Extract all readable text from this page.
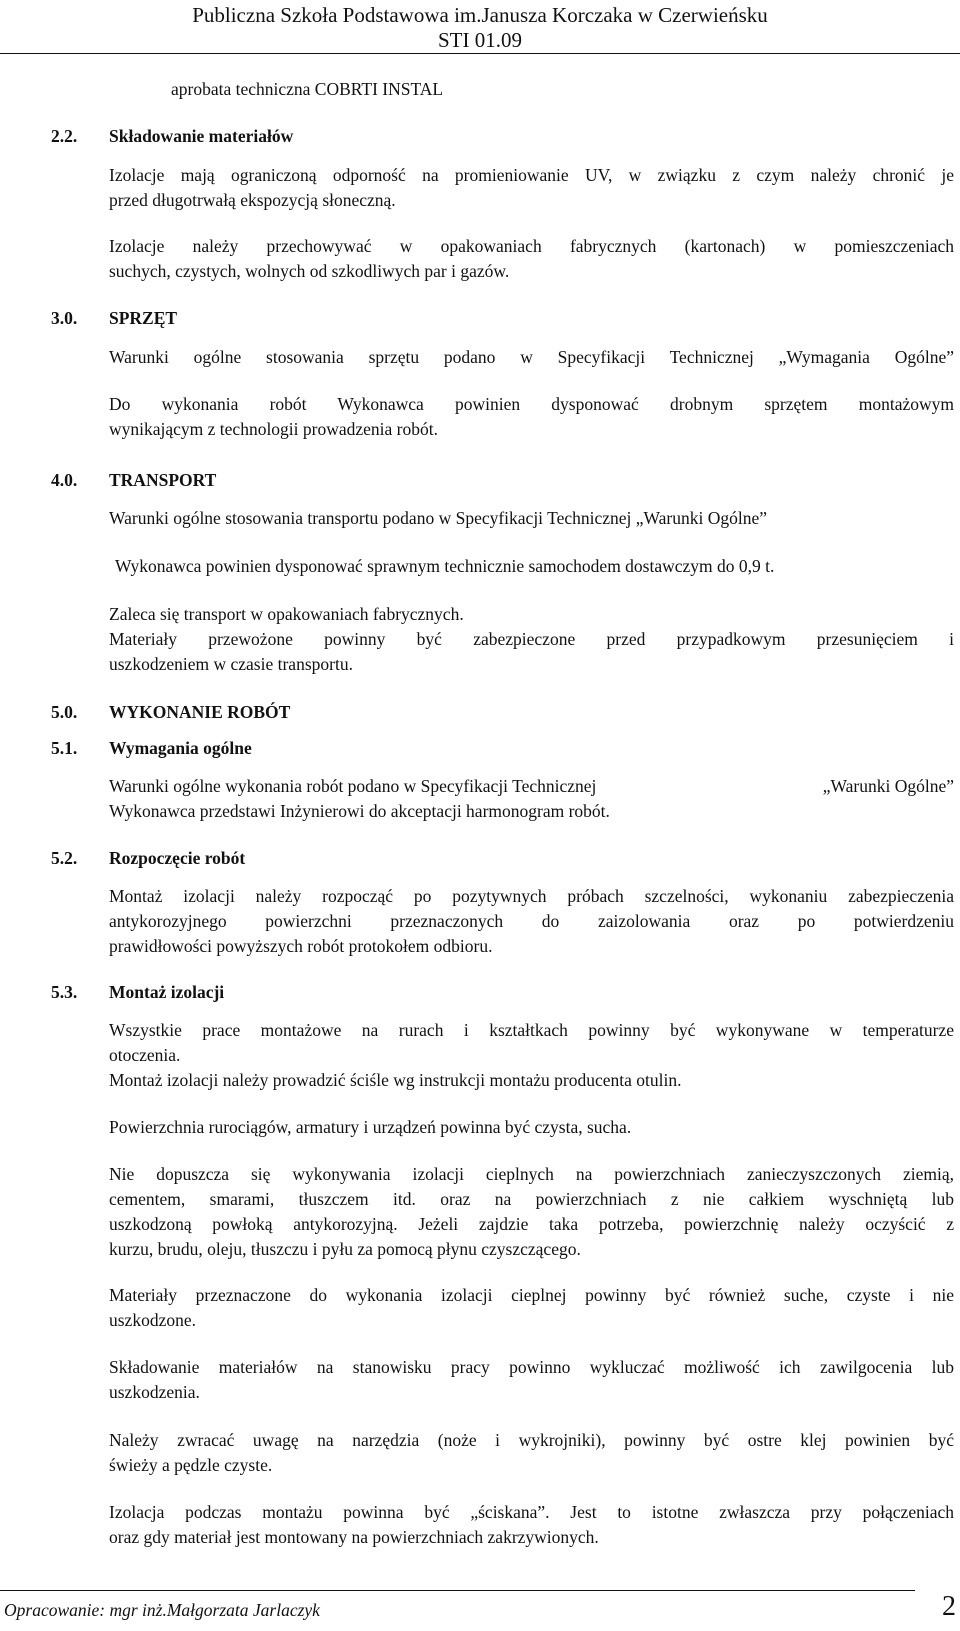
Publiczna Szkoła Podstawowa im.Janusza Korczaka w Czerwieńsku
STI 01.09
aprobata techniczna COBRTI INSTAL
2.2. Składowanie materiałów
Izolacje mają ograniczoną odporność na promieniowanie UV, w związku z czym należy chronić je
przed długotrwałą ekspozycją słoneczną.
Izolacje należy przechowywać w opakowaniach fabrycznych (kartonach) w pomieszczeniach
suchych, czystych, wolnych od szkodliwych par i gazów.
3.0. SPRZĘT
Warunki ogólne stosowania sprzętu podano w Specyfikacji Technicznej „Wymagania Ogólne”
Do wykonania robót Wykonawca powinien dysponować drobnym sprzętem montażowym
wynikającym z technologii prowadzenia robót.
4.0. TRANSPORT
Warunki ogólne stosowania transportu podano w Specyfikacji Technicznej „Warunki Ogólne”
Wykonawca powinien dysponować sprawnym technicznie samochodem dostawczym do 0,9 t.
Zaleca się transport w opakowaniach fabrycznych.
Materiały przewożone powinny być zabezpieczone przed przypadkowym przesunięciem i
uszkodzeniem w czasie transportu.
5.0. WYKONANIE ROBÓT
5.1. Wymagania ogólne
Warunki ogólne wykonania robót podano w Specyfikacji Technicznej	„Warunki Ogólne”
Wykonawca przedstawi Inżynierowi do akceptacji harmonogram robót.
5.2. Rozpoczęcie robót
Montaż izolacji należy rozpocząć po pozytywnych próbach szczelności, wykonaniu zabezpieczenia
antykorozyjnego powierzchni przeznaczonych do zaizolowania oraz po potwierdzeniu
prawidłowości powyższych robót protokołem odbioru.
5.3. Montaż izolacji
Wszystkie prace montażowe na rurach i kształtkach powinny być wykonywane w temperaturze
otoczenia.
Montaż izolacji należy prowadzić ściśle wg instrukcji montażu producenta otulin.
Powierzchnia rurociągów, armatury i urządzeń powinna być czysta, sucha.
Nie dopuszcza się wykonywania izolacji cieplnych na powierzchniach zanieczyszczonych ziemią,
cementem, smarami, tłuszczem itd. oraz na powierzchniach z nie całkiem wyschniętą lub
uszkodzoną powłoką antykorozyjną. Jeżeli zajdzie taka potrzeba, powierzchnię należy oczyścić z
kurzu, brudu, oleju, tłuszczu i pyłu za pomocą płynu czyszczącego.
Materiały przeznaczone do wykonania izolacji cieplnej powinny być również suche, czyste i nie
uszkodzone.
Składowanie materiałów na stanowisku pracy powinno wykluczać możliwość ich zawilgocenia lub
uszkodzenia.
Należy zwracać uwagę na narzędzia (noże i wykrojniki), powinny być ostre klej powinien być
świeży a pędzle czyste.
Izolacja podczas montażu powinna być „ściskana”. Jest to istotne zwłaszcza przy połączeniach
oraz gdy materiał jest montowany na powierzchniach zakrzywionych.
Opracowanie: mgr inż.Małgorzata Jarlaczyk	2
